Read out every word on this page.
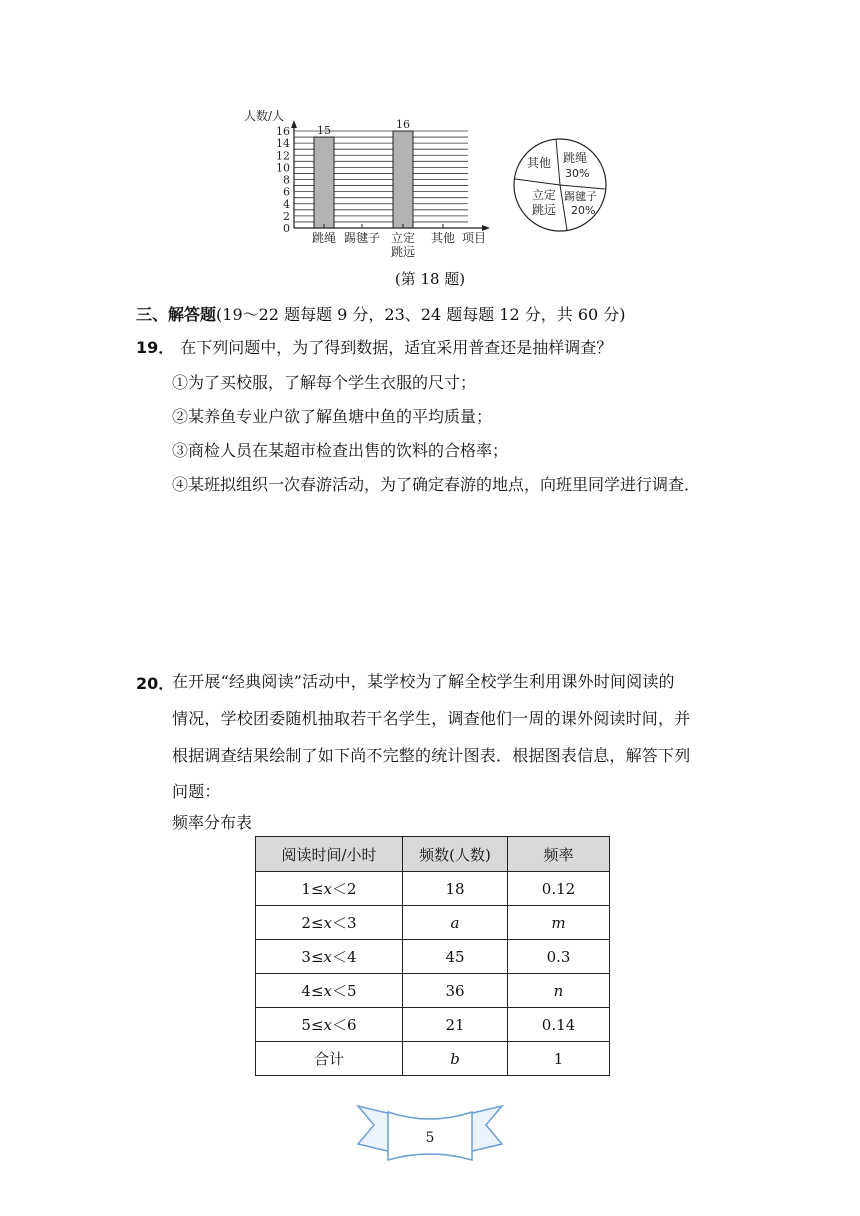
0
2
4
6
8
10
12
14
16
人数/人
项目
15
跳绳 踢毽子
16
立定
跳远
其他
其他 跳绳
30%
立定
跳远
踢毽子
20%
(第 18 题)
三、解答题(19～22 题每题 9 分，23、24 题每题 12 分，共 60 分)
19． 在下列问题中，为了得到数据，适宜采用普查还是抽样调查？
①为了买校服，了解每个学生衣服的尺寸；
②某养鱼专业户欲了解鱼塘中鱼的平均质量；
③商检人员在某超市检查出售的饮料的合格率；
④某班拟组织一次春游活动，为了确定春游的地点，向班里同学进行调查．
20．
在开展“经典阅读”活动中，某学校为了解全校学生利用课外时间阅读的
情况，学校团委随机抽取若干名学生，调查他们一周的课外阅读时间，并
根据调查结果绘制了如下尚不完整的统计图表．根据图表信息，解答下列
问题：
频率分布表
阅读时间/小时	频数(人数)	频率
1≤x＜2	18	0.12
2≤x＜3	a	m
3≤x＜4	45	0.3
4≤x＜5	36	n
5≤x＜6	21	0.14
合计	b	1
5
